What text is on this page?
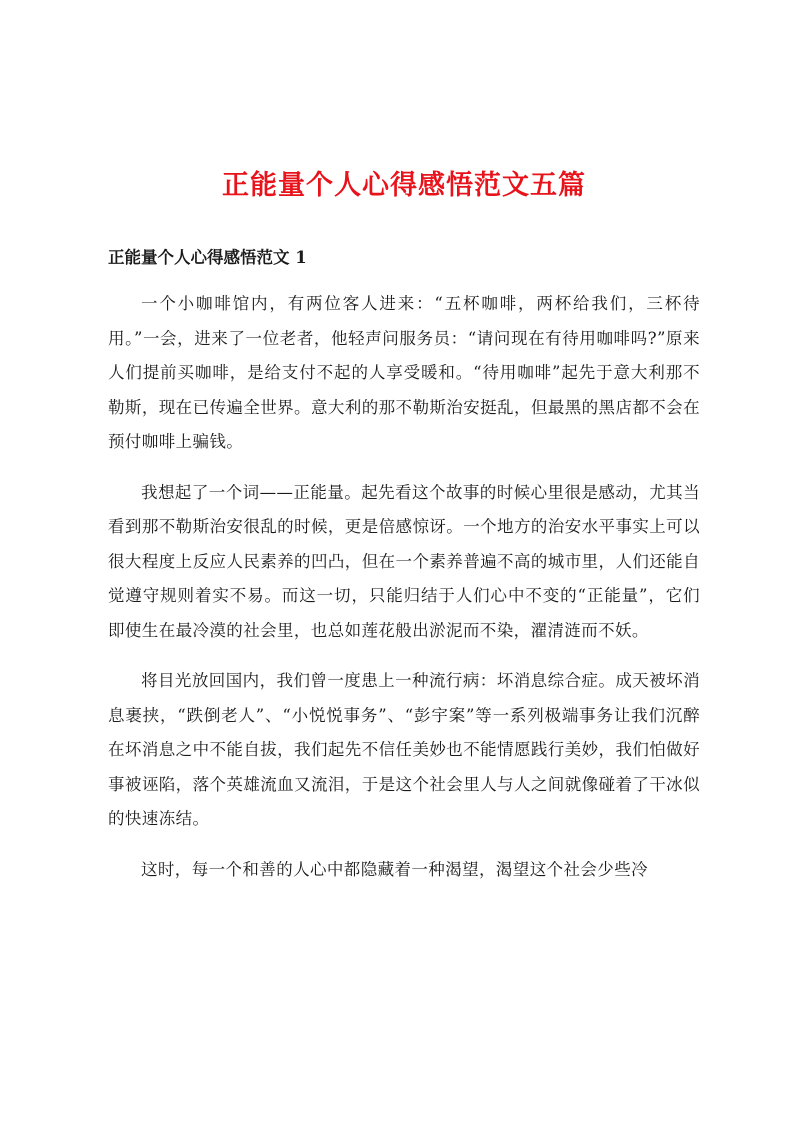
正能量个人心得感悟范文五篇
正能量个人心得感悟范文 1

一个小咖啡馆内，有两位客人进来：“五杯咖啡，两杯给我们，三杯待用。”一会，进来了一位老者，他轻声问服务员：“请问现在有待用咖啡吗?”原来人们提前买咖啡，是给支付不起的人享受暖和。“待用咖啡”起先于意大利那不勒斯，现在已传遍全世界。意大利的那不勒斯治安挺乱，但最黑的黑店都不会在预付咖啡上骗钱。

我想起了一个词——正能量。起先看这个故事的时候心里很是感动，尤其当看到那不勒斯治安很乱的时候，更是倍感惊讶。一个地方的治安水平事实上可以很大程度上反应人民素养的凹凸，但在一个素养普遍不高的城市里，人们还能自觉遵守规则着实不易。而这一切，只能归结于人们心中不变的“正能量”，它们即使生在最冷漠的社会里，也总如莲花般出淤泥而不染，濯清涟而不妖。

将目光放回国内，我们曾一度患上一种流行病：坏消息综合症。成天被坏消息裹挟，“跌倒老人”、“小悦悦事务”、“彭宇案”等一系列极端事务让我们沉醉在坏消息之中不能自拔，我们起先不信任美妙也不能情愿践行美妙，我们怕做好事被诬陷，落个英雄流血又流泪，于是这个社会里人与人之间就像碰着了干冰似的快速冻结。

这时，每一个和善的人心中都隐藏着一种渴望，渴望这个社会少些冷
